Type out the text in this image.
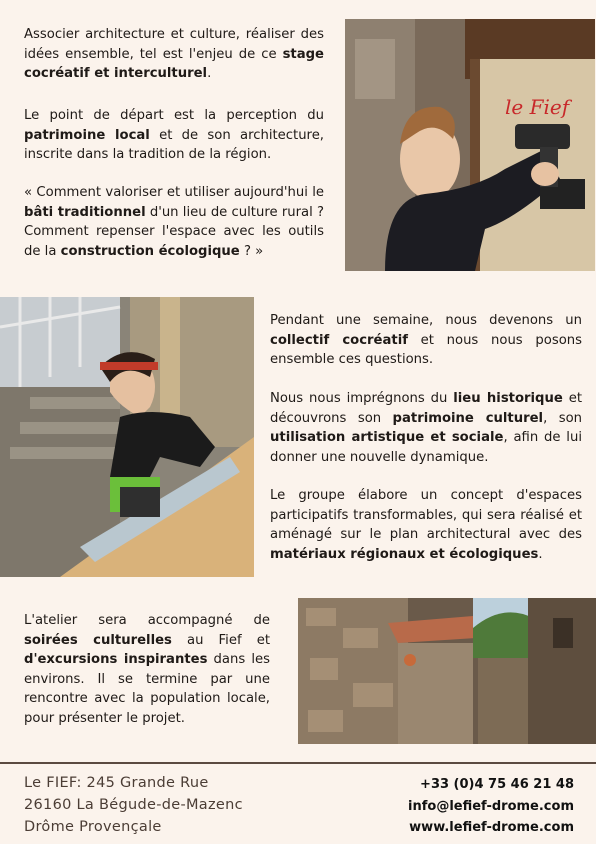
Associer architecture et culture, réaliser des idées ensemble, tel est l'enjeu de ce stage cocréatif et interculturel.
Le point de départ est la perception du patrimoine local et de son architecture, inscrite dans la tradition de la région.
« Comment valoriser et utiliser aujourd'hui le bâti traditionnel d'un lieu de culture rural ? Comment repenser l'espace avec les outils de la construction écologique ? »
le Fief
Pendant une semaine, nous devenons un collectif cocréatif et nous nous posons ensemble ces questions.
Nous nous imprégnons du lieu historique et découvrons son patrimoine culturel, son utilisation artistique et sociale, afin de lui donner une nouvelle dynamique.
Le groupe élabore un concept d'espaces participatifs transformables, qui sera réalisé et aménagé sur le plan architectural avec des matériaux régionaux et écologiques.
L'atelier sera accompagné de soirées culturelles au Fief et d'excursions inspirantes dans les environs. Il se termine par une rencontre avec la population locale, pour présenter le projet.
Le FIEF: 245 Grande Rue
26160 La Bégude-de-Mazenc
Drôme Provençale
+33 (0)4 75 46 21 48
info@lefief-drome.com
www.lefief-drome.com
